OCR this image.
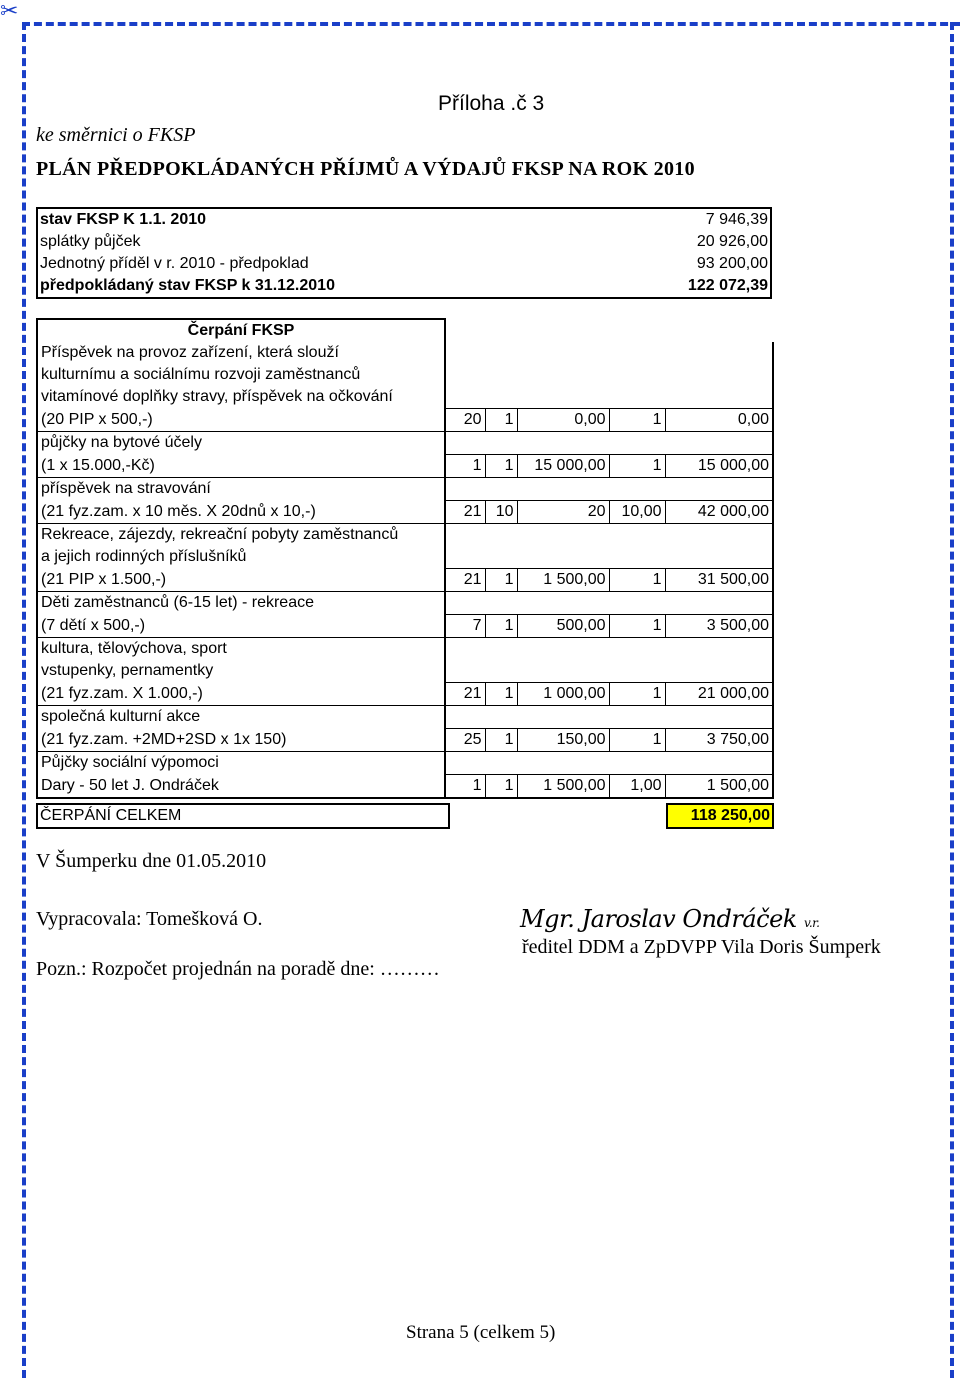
✂
Příloha .č 3
ke směrnici o FKSP
PLÁN PŘEDPOKLÁDANÝCH PŘÍJMŮ A VÝDAJŮ FKSP NA ROK 2010
stav FKSP K 1.1. 2010	7 946,39
splátky půjček	20 926,00
Jednotný příděl v r. 2010 - předpoklad	93 200,00
předpokládaný stav FKSP k 31.12.2010	122 072,39
Čerpání FKSP					
Příspěvek na provoz zařízení, která slouží					
kulturnímu a sociálnímu rozvoji zaměstnanců					
vitamínové doplňky stravy, příspěvek na očkování					
(20 PIP x 500,-)	20	1	0,00	1	0,00
půjčky na bytové účely					
(1 x 15.000,-Kč)	1	1	15 000,00	1	15 000,00
příspěvek na stravování					
(21 fyz.zam. x 10 měs. X 20dnů x 10,-)	21	10	20	10,00	42 000,00
Rekreace, zájezdy, rekreační pobyty zaměstnanců					
a jejich rodinných příslušníků					
(21 PIP x 1.500,-)	21	1	1 500,00	1	31 500,00
Děti zaměstnanců (6-15 let) - rekreace					
(7 dětí x 500,-)	7	1	500,00	1	3 500,00
kultura, tělovýchova, sport					
vstupenky, pernamentky					
(21 fyz.zam. X 1.000,-)	21	1	1 000,00	1	21 000,00
společná kulturní akce					
(21 fyz.zam. +2MD+2SD x 1x 150)	25	1	150,00	1	3 750,00
Půjčky sociální výpomoci					
Dary - 50 let J. Ondráček	1	1	1 500,00	1,00	1 500,00
ČERPÁNÍ CELKEM	118 250,00
V Šumperku dne 01.05.2010
Vypracovala: Tomešková O.
Pozn.: Rozpočet projednán na poradě dne: ………
Mgr. Jaroslav Ondráček v.r.
ředitel DDM a ZpDVPP Vila Doris Šumperk
Strana 5 (celkem 5)
